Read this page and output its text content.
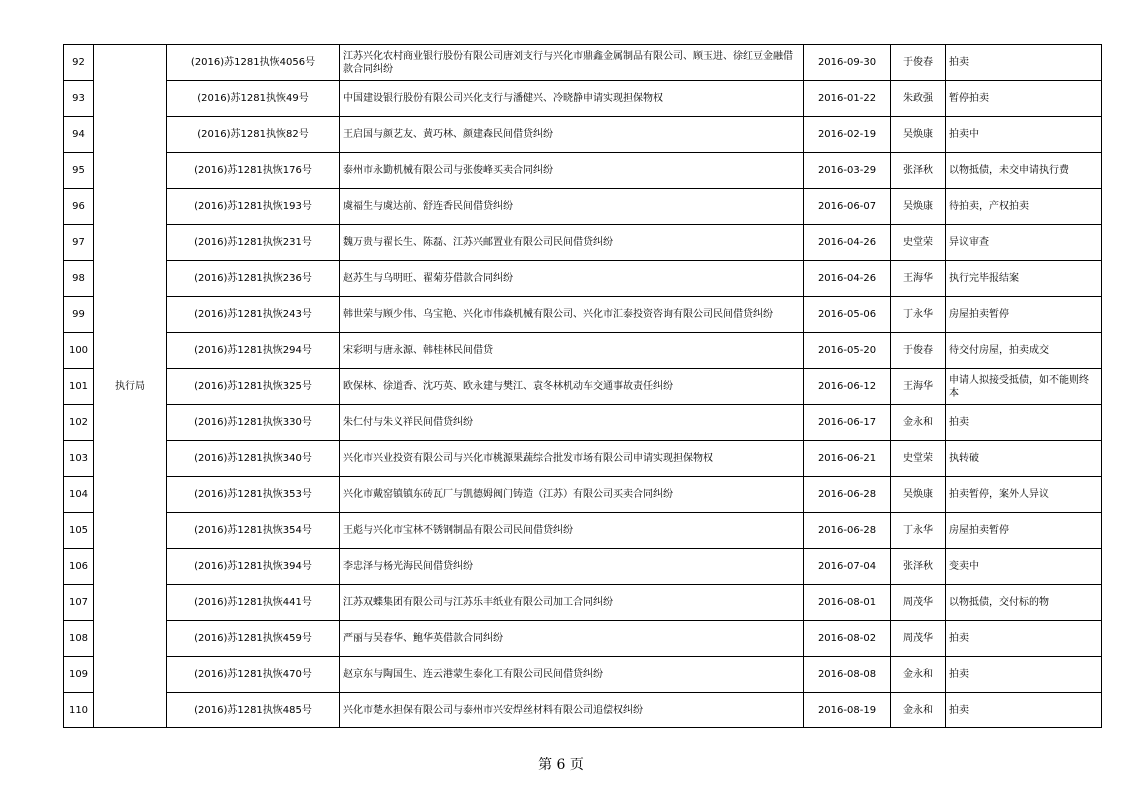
92	执行局	(2016)苏1281执恢4056号	江苏兴化农村商业银行股份有限公司唐刘支行与兴化市鼎鑫金属制品有限公司、顾玉进、徐红豆金融借款合同纠纷	2016-09-30	于俊春	拍卖
93		(2016)苏1281执恢49号	中国建设银行股份有限公司兴化支行与潘健兴、冷晓静申请实现担保物权	2016-01-22	朱政强	暂停拍卖
94		(2016)苏1281执恢82号	王启国与颜艺友、黄巧林、颜建森民间借贷纠纷	2016-02-19	吴焕康	拍卖中
95		(2016)苏1281执恢176号	泰州市永勤机械有限公司与张俊峰买卖合同纠纷	2016-03-29	张泽秋	以物抵债，未交申请执行费
96		(2016)苏1281执恢193号	虞福生与虞达前、舒连香民间借贷纠纷	2016-06-07	吴焕康	待拍卖，产权拍卖
97		(2016)苏1281执恢231号	魏万贵与翟长生、陈磊、江苏兴邮置业有限公司民间借贷纠纷	2016-04-26	史堂荣	异议审查
98		(2016)苏1281执恢236号	赵苏生与乌明旺、翟菊芬借款合同纠纷	2016-04-26	王海华	执行完毕报结案
99		(2016)苏1281执恢243号	韩世荣与顾少伟、乌宝艳、兴化市伟焱机械有限公司、兴化市汇泰投资咨询有限公司民间借贷纠纷	2016-05-06	丁永华	房屋拍卖暂停
100		(2016)苏1281执恢294号	宋彩明与唐永源、韩桂林民间借贷	2016-05-20	于俊春	待交付房屋，拍卖成交
101		(2016)苏1281执恢325号	欧保林、徐道香、沈巧英、欧永建与樊江、袁冬林机动车交通事故责任纠纷	2016-06-12	王海华	申请人拟接受抵债，如不能则终本
102		(2016)苏1281执恢330号	朱仁付与朱义祥民间借贷纠纷	2016-06-17	金永和	拍卖
103		(2016)苏1281执恢340号	兴化市兴业投资有限公司与兴化市桃源果蔬综合批发市场有限公司申请实现担保物权	2016-06-21	史堂荣	执转破
104		(2016)苏1281执恢353号	兴化市戴窑镇镇东砖瓦厂与凯德姆阀门铸造（江苏）有限公司买卖合同纠纷	2016-06-28	吴焕康	拍卖暂停，案外人异议
105		(2016)苏1281执恢354号	王彪与兴化市宝林不锈钢制品有限公司民间借贷纠纷	2016-06-28	丁永华	房屋拍卖暂停
106		(2016)苏1281执恢394号	李忠泽与杨光海民间借贷纠纷	2016-07-04	张泽秋	变卖中
107		(2016)苏1281执恢441号	江苏双蝶集团有限公司与江苏乐丰纸业有限公司加工合同纠纷	2016-08-01	周茂华	以物抵债，交付标的物
108		(2016)苏1281执恢459号	严丽与吴春华、鲍华英借款合同纠纷	2016-08-02	周茂华	拍卖
109		(2016)苏1281执恢470号	赵京东与陶国生、连云港蒙生泰化工有限公司民间借贷纠纷	2016-08-08	金永和	拍卖
110		(2016)苏1281执恢485号	兴化市楚水担保有限公司与泰州市兴安焊丝材料有限公司追偿权纠纷	2016-08-19	金永和	拍卖
第 6 页
